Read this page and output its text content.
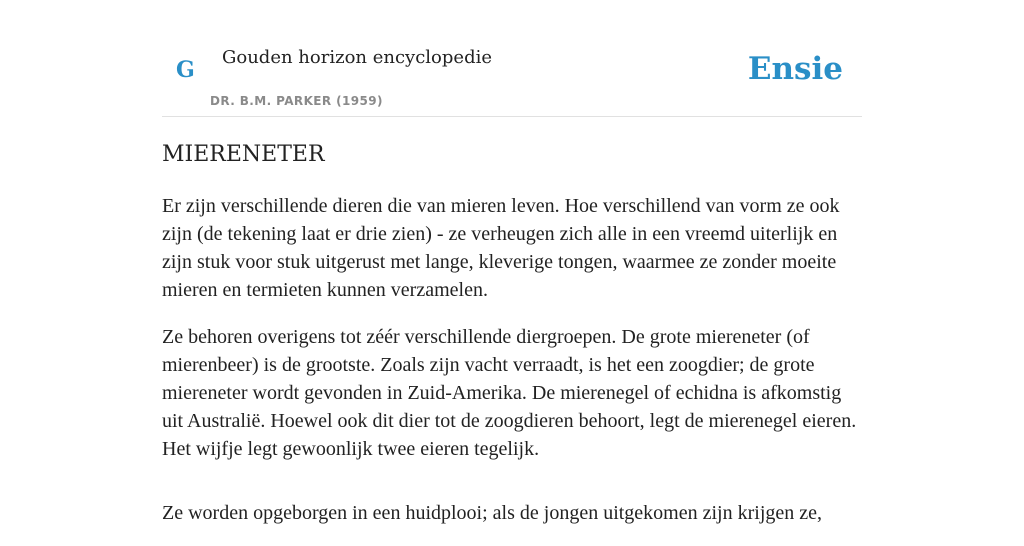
G Gouden horizon encyclopedie
DR. B.M. PARKER (1959)
Ensie
MIERENETER

Er zijn verschillende dieren die van mieren leven. Hoe verschillend van vorm ze ook zijn (de tekening laat er drie zien) - ze verheugen zich alle in een vreemd uiterlijk en zijn stuk voor stuk uitgerust met lange, kleverige tongen, waarmee ze zonder moeite mieren en termieten kunnen verzamelen.

Ze behoren overigens tot zéér verschillende diergroepen. De grote miereneter (of mierenbeer) is de grootste. Zoals zijn vacht verraadt, is het een zoogdier; de grote miereneter wordt gevonden in Zuid-Amerika. De mierenegel of echidna is afkomstig uit Australië. Hoewel ook dit dier tot de zoogdieren behoort, legt de mierenegel eieren. Het wijfje legt gewoonlijk twee eieren tegelijk.

Ze worden opgeborgen in een huidplooi; als de jongen uitgekomen zijn krijgen ze,
